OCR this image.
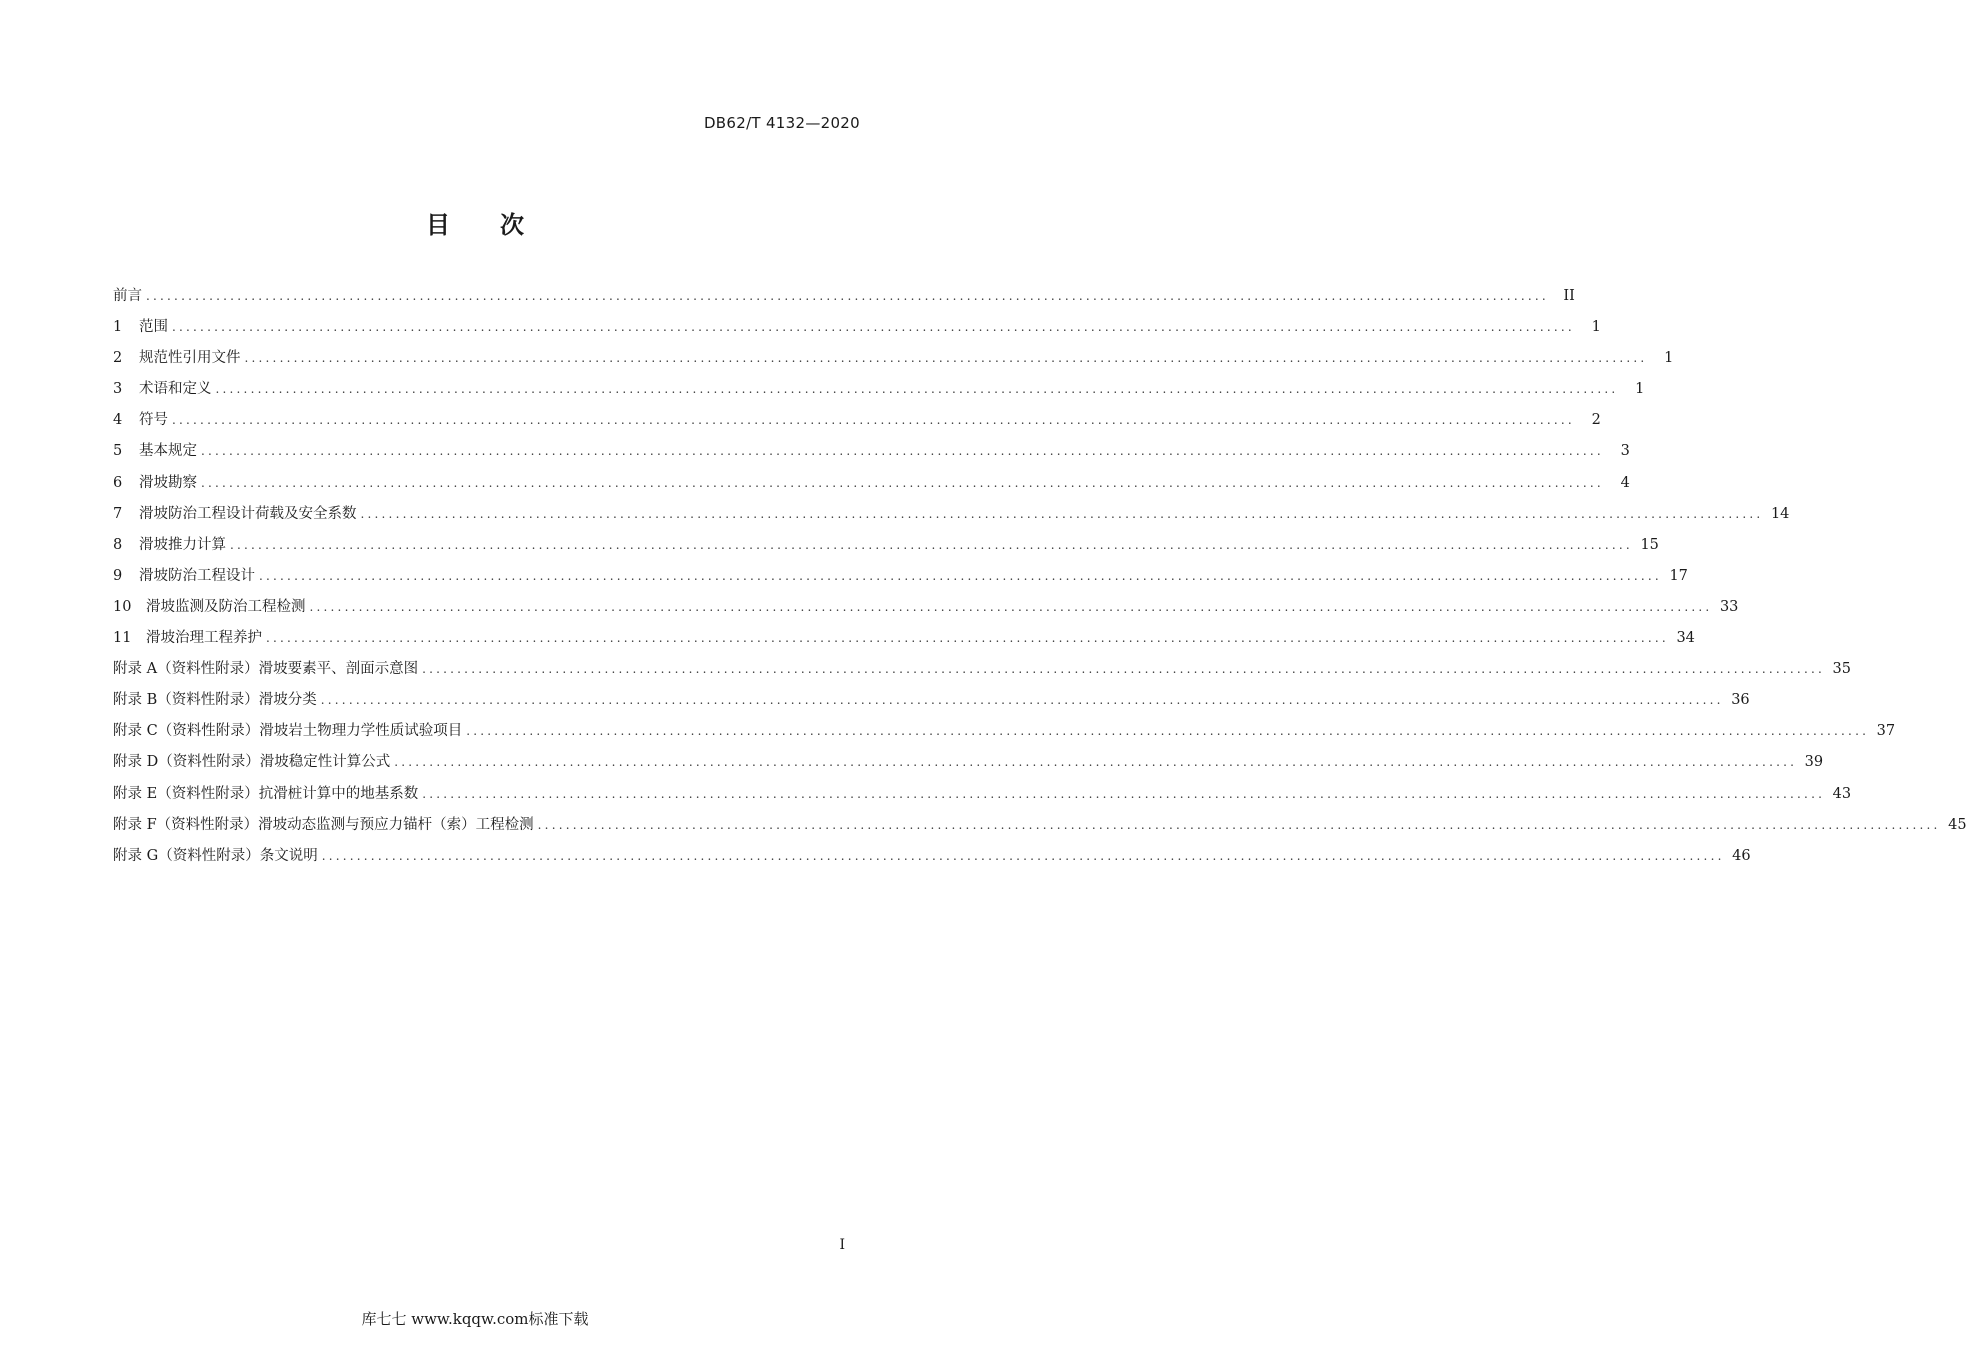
DB62/T 4132—2020
目 次
前言 ........................................................................................................................................................................................................	II
1	范围 ........................................................................................................................................................................................................	1
2	规范性引用文件 ........................................................................................................................................................................................................	1
3	术语和定义 ........................................................................................................................................................................................................	1
4	符号 ........................................................................................................................................................................................................	2
5	基本规定 ........................................................................................................................................................................................................	3
6	滑坡勘察 ........................................................................................................................................................................................................	4
7	滑坡防治工程设计荷载及安全系数 ........................................................................................................................................................................................................ 14
8	滑坡推力计算 ........................................................................................................................................................................................................ 15
9	滑坡防治工程设计 ........................................................................................................................................................................................................ 17
10	滑坡监测及防治工程检测 ........................................................................................................................................................................................................ 33
11	滑坡治理工程养护 ........................................................................................................................................................................................................ 34
附录 A（资料性附录） 滑坡要素平、剖面示意图 ........................................................................................................................................................................................................ 35
附录 B（资料性附录） 滑坡分类 ........................................................................................................................................................................................................ 36
附录 C（资料性附录） 滑坡岩土物理力学性质试验项目 ........................................................................................................................................................................................................ 37
附录 D（资料性附录） 滑坡稳定性计算公式 ........................................................................................................................................................................................................ 39
附录 E（资料性附录） 抗滑桩计算中的地基系数 ........................................................................................................................................................................................................ 43
附录 F（资料性附录） 滑坡动态监测与预应力锚杆（索）工程检测 ........................................................................................................................................................................................................ 45
附录 G（资料性附录） 条文说明 ........................................................................................................................................................................................................ 46
I
库七七 www.kqqw.com标准下载
